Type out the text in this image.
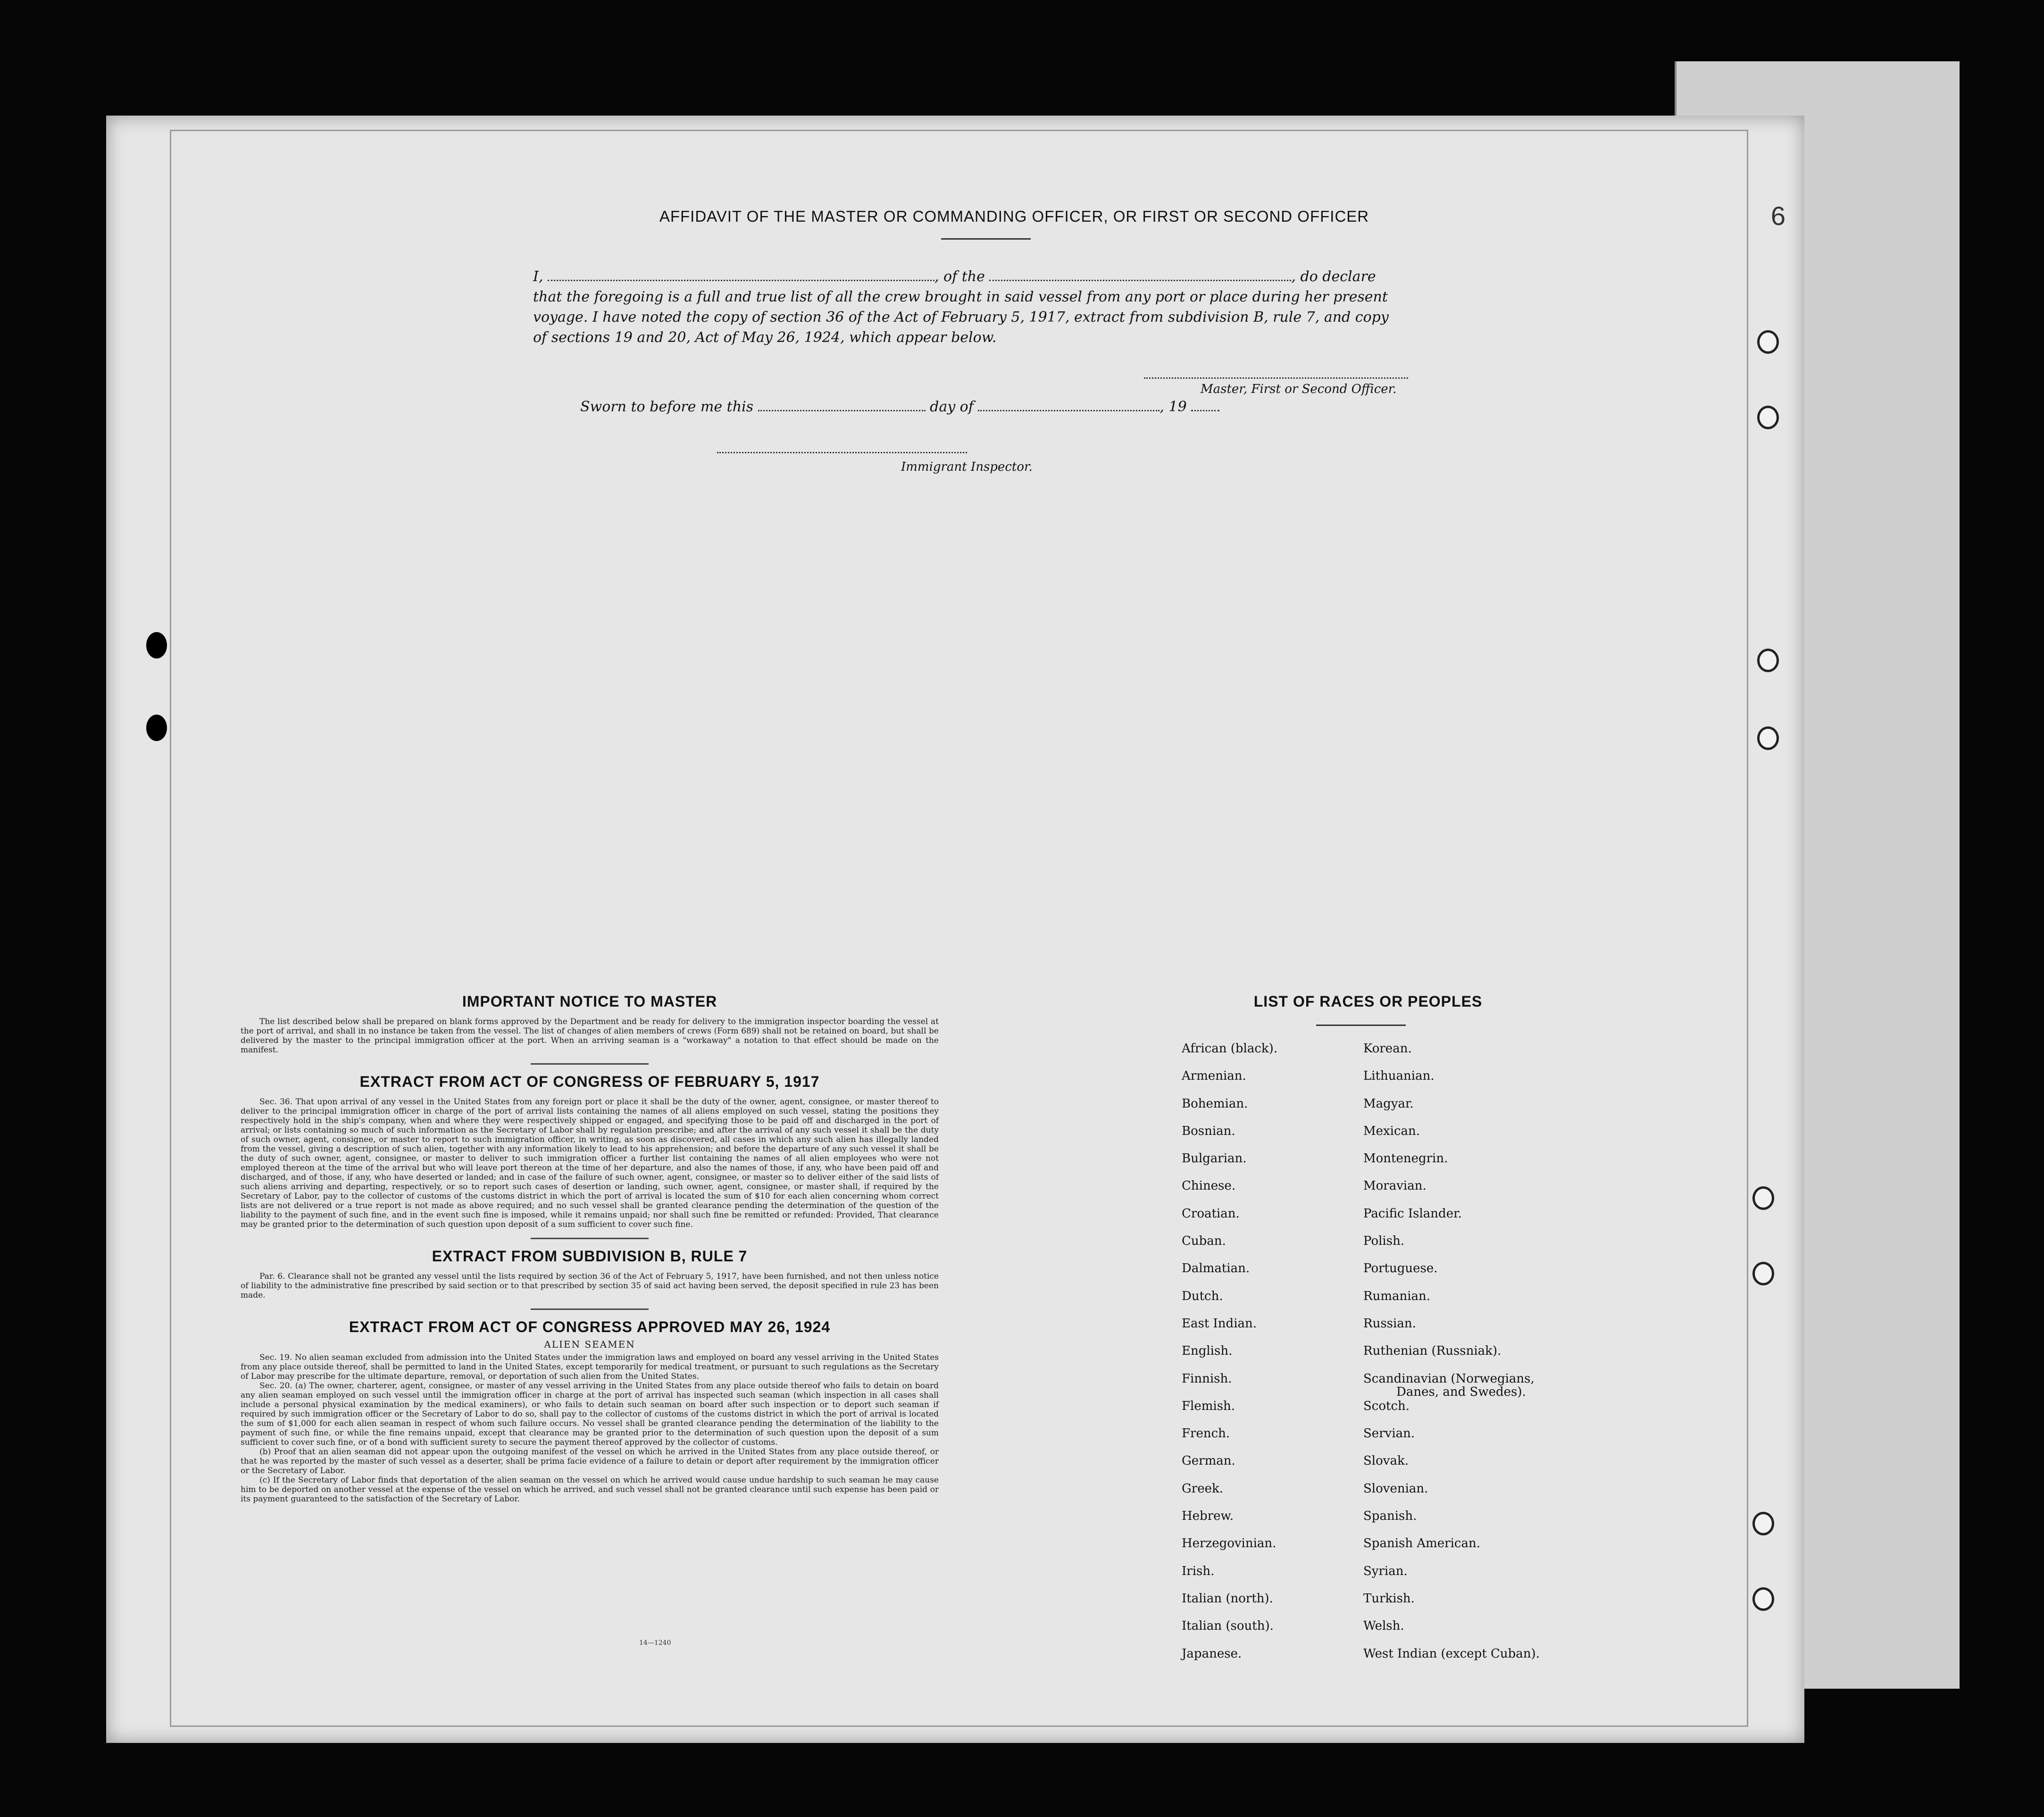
6
AFFIDAVIT OF THE MASTER OR COMMANDING OFFICER, OR FIRST OR SECOND OFFICER
I,	, of the	, do declare
that the foregoing is a full and true list of all the crew brought in said vessel from any port or place during her present
voyage. I have noted the copy of section 36 of the Act of February 5, 1917, extract from subdivision B, rule 7, and copy
of sections 19 and 20, Act of May 26, 1924, which appear below.
Master, First or Second Officer.
Sworn to before me this	day of	, 19
Immigrant Inspector.

IMPORTANT NOTICE TO MASTER

The list described below shall be prepared on blank forms approved by the Department and be ready for delivery to the immigration inspector boarding the vessel at the port of arrival, and shall in no instance be taken from the vessel. The list of changes of alien members of crews (Form 689) shall not be retained on board, but shall be delivered by the master to the principal immigration officer at the port. When an arriving seaman is a "workaway" a notation to that effect should be made on the manifest.

EXTRACT FROM ACT OF CONGRESS OF FEBRUARY 5, 1917

Sec. 36. That upon arrival of any vessel in the United States from any foreign port or place it shall be the duty of the owner, agent, consignee, or master thereof to deliver to the principal immigration officer in charge of the port of arrival lists containing the names of all aliens employed on such vessel, stating the positions they respectively hold in the ship's company, when and where they were respectively shipped or engaged, and specifying those to be paid off and discharged in the port of arrival; or lists containing so much of such information as the Secretary of Labor shall by regulation prescribe; and after the arrival of any such vessel it shall be the duty of such owner, agent, consignee, or master to report to such immigration officer, in writing, as soon as discovered, all cases in which any such alien has illegally landed from the vessel, giving a description of such alien, together with any information likely to lead to his apprehension; and before the departure of any such vessel it shall be the duty of such owner, agent, consignee, or master to deliver to such immigration officer a further list containing the names of all alien employees who were not employed thereon at the time of the arrival but who will leave port thereon at the time of her departure, and also the names of those, if any, who have been paid off and discharged, and of those, if any, who have deserted or landed; and in case of the failure of such owner, agent, consignee, or master so to deliver either of the said lists of such aliens arriving and departing, respectively, or so to report such cases of desertion or landing, such owner, agent, consignee, or master shall, if required by the Secretary of Labor, pay to the collector of customs of the customs district in which the port of arrival is located the sum of $10 for each alien concerning whom correct lists are not delivered or a true report is not made as above required; and no such vessel shall be granted clearance pending the determination of the question of the liability to the payment of such fine, and in the event such fine is imposed, while it remains unpaid; nor shall such fine be remitted or refunded: Provided, That clearance may be granted prior to the determination of such question upon deposit of a sum sufficient to cover such fine.

EXTRACT FROM SUBDIVISION B, RULE 7

Par. 6. Clearance shall not be granted any vessel until the lists required by section 36 of the Act of February 5, 1917, have been furnished, and not then unless notice of liability to the administrative fine prescribed by said section or to that prescribed by section 35 of said act having been served, the deposit specified in rule 23 has been made.

EXTRACT FROM ACT OF CONGRESS APPROVED MAY 26, 1924

ALIEN SEAMEN

Sec. 19. No alien seaman excluded from admission into the United States under the immigration laws and employed on board any vessel arriving in the United States from any place outside thereof, shall be permitted to land in the United States, except temporarily for medical treatment, or pursuant to such regulations as the Secretary of Labor may prescribe for the ultimate departure, removal, or deportation of such alien from the United States.

Sec. 20. (a) The owner, charterer, agent, consignee, or master of any vessel arriving in the United States from any place outside thereof who fails to detain on board any alien seaman employed on such vessel until the immigration officer in charge at the port of arrival has inspected such seaman (which inspection in all cases shall include a personal physical examination by the medical examiners), or who fails to detain such seaman on board after such inspection or to deport such seaman if required by such immigration officer or the Secretary of Labor to do so, shall pay to the collector of customs of the customs district in which the port of arrival is located the sum of $1,000 for each alien seaman in respect of whom such failure occurs. No vessel shall be granted clearance pending the determination of the liability to the payment of such fine, or while the fine remains unpaid, except that clearance may be granted prior to the determination of such question upon the deposit of a sum sufficient to cover such fine, or of a bond with sufficient surety to secure the payment thereof approved by the collector of customs.

(b) Proof that an alien seaman did not appear upon the outgoing manifest of the vessel on which he arrived in the United States from any place outside thereof, or that he was reported by the master of such vessel as a deserter, shall be prima facie evidence of a failure to detain or deport after requirement by the immigration officer or the Secretary of Labor.

(c) If the Secretary of Labor finds that deportation of the alien seaman on the vessel on which he arrived would cause undue hardship to such seaman he may cause him to be deported on another vessel at the expense of the vessel on which he arrived, and such vessel shall not be granted clearance until such expense has been paid or its payment guaranteed to the satisfaction of the Secretary of Labor.

14—1240
LIST OF RACES OR PEOPLES
African (black).
Armenian.
Bohemian.
Bosnian.
Bulgarian.
Chinese.
Croatian.
Cuban.
Dalmatian.
Dutch.
East Indian.
English.
Finnish.
Flemish.
French.
German.
Greek.
Hebrew.
Herzegovinian.
Irish.
Italian (north).
Italian (south).
Japanese.
Korean.
Lithuanian.
Magyar.
Mexican.
Montenegrin.
Moravian.
Pacific Islander.
Polish.
Portuguese.
Rumanian.
Russian.
Ruthenian (Russniak).
Scandinavian (Norwegians,
Danes, and Swedes).
Scotch.
Servian.
Slovak.
Slovenian.
Spanish.
Spanish American.
Syrian.
Turkish.
Welsh.
West Indian (except Cuban).
